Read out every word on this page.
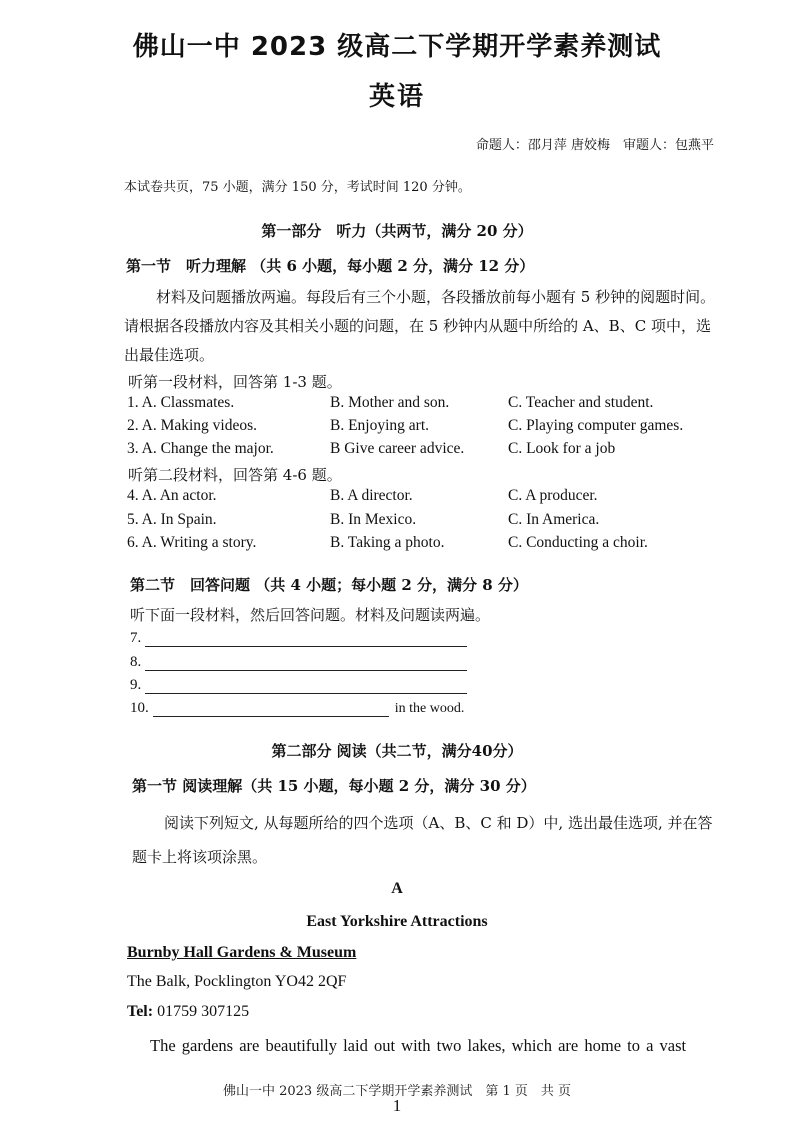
佛山一中 2023 级高二下学期开学素养测试
英语
命题人：邵月萍 唐姣梅　审题人：包燕平
本试卷共页，75 小题，满分 150 分，考试时间 120 分钟。
第一部分　听力（共两节，满分 20 分）
第一节　听力理解 （共 6 小题，每小题 2 分，满分 12 分）
材料及问题播放两遍。每段后有三个小题，各段播放前每小题有 5 秒钟的阅题时间。请根据各段播放内容及其相关小题的问题，在 5 秒钟内从题中所给的 A、B、C 项中，选出最佳选项。
听第一段材料，回答第 1-3 题。
1. A. Classmates.	B. Mother and son.	C. Teacher and student.
2. A. Making videos.	B. Enjoying art.	C. Playing computer games.
3. A. Change the major.	B Give career advice.	C. Look for a job
听第二段材料，回答第 4-6 题。
4. A. An actor.	B. A director.	C. A producer.
5. A. In Spain.	B. In Mexico.	C. In America.
6. A. Writing a story.	B. Taking a photo.	C. Conducting a choir.
第二节　回答问题 （共 4 小题；每小题 2 分，满分 8 分）
听下面一段材料，然后回答问题。材料及问题读两遍。
7.
8.
9.
10.	in the wood.
第二部分 阅读（共二节，满分40分）
第一节 阅读理解（共 15 小题，每小题 2 分，满分 30 分）
阅读下列短文, 从每题所给的四个选项（A、B、C 和 D）中, 选出最佳选项, 并在答题卡上将该项涂黑。
A
East Yorkshire Attractions
Burnby Hall Gardens & Museum
The Balk, Pocklington YO42 2QF
Tel: 01759 307125
The gardens are beautifully laid out with two lakes, which are home to a vast
佛山一中 2023 级高二下学期开学素养测试　第 1 页　共 页
1
